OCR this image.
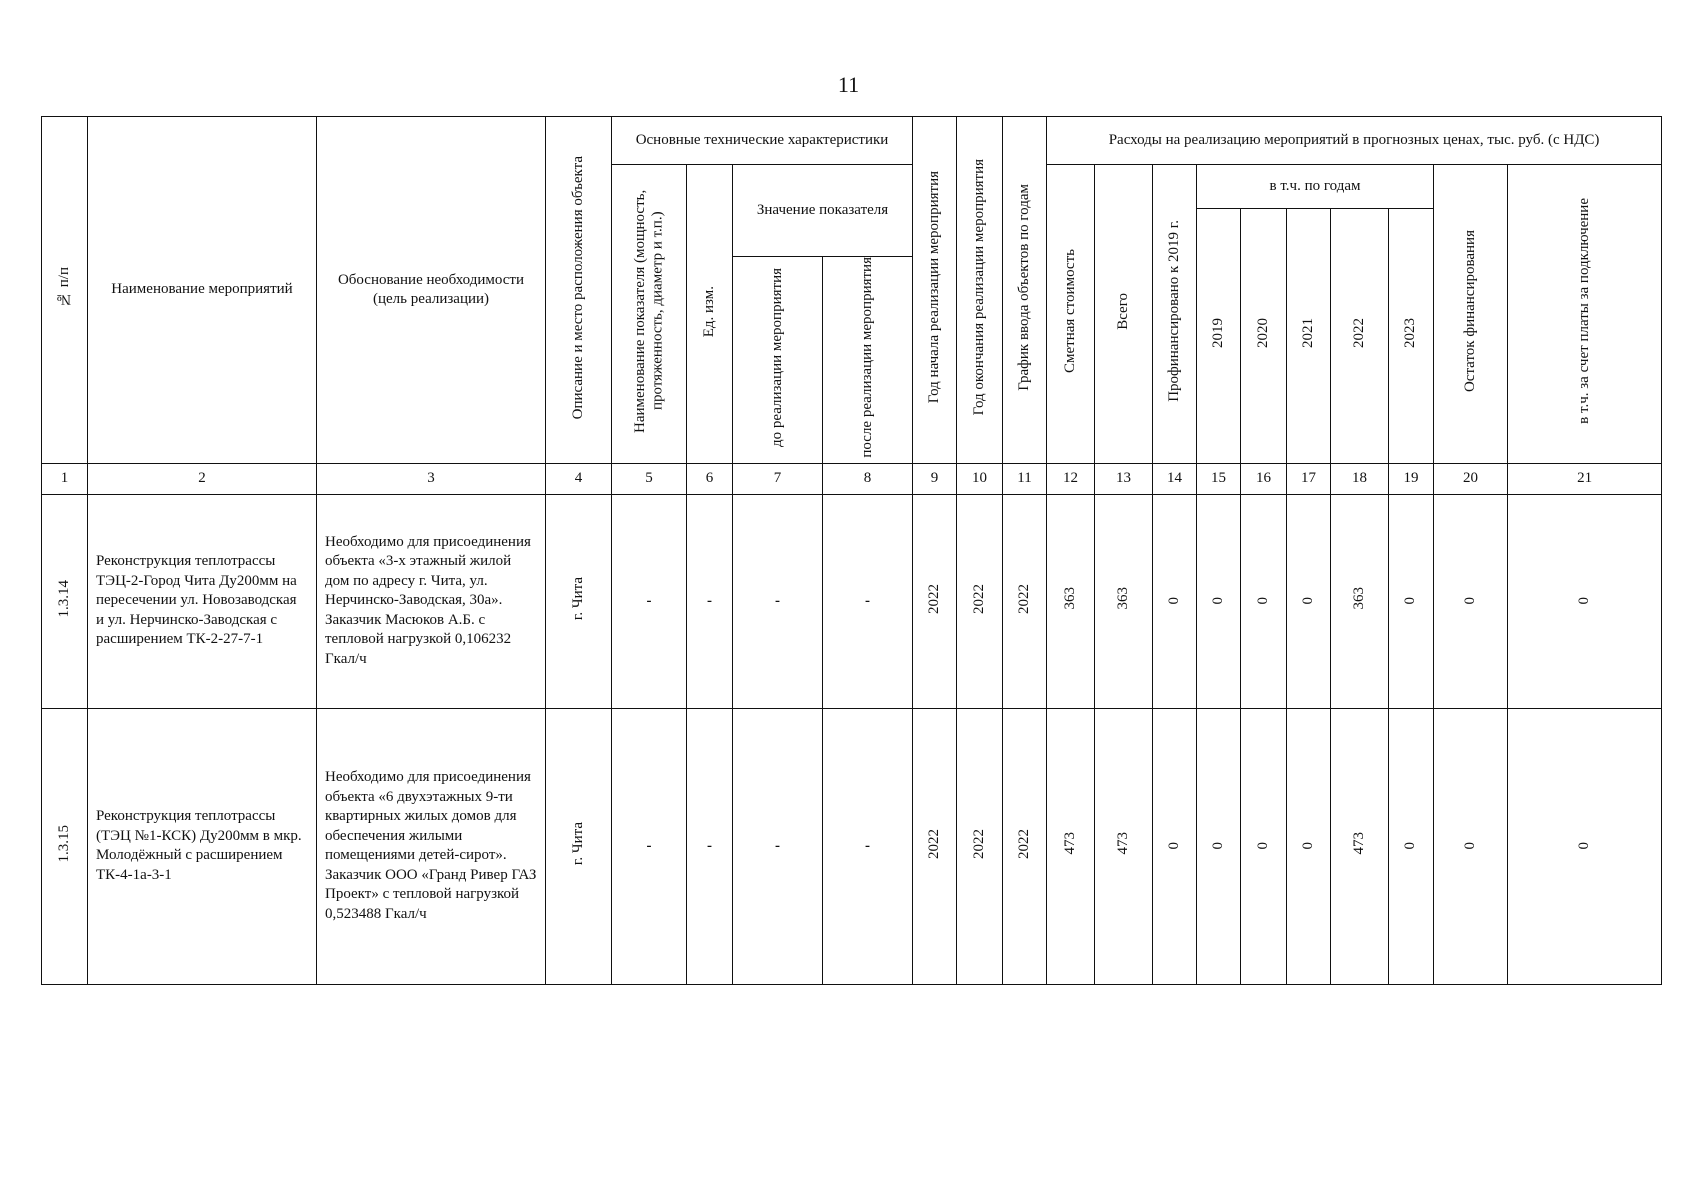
11
№ п/п	Наименование мероприятий	Обоснование необходимости (цель реализации)	Описание и место расположения объекта	Основные технические характеристики				Год начала реализации мероприятия	Год окончания реализации мероприятия	График ввода объектов по годам	Расходы на реализацию мероприятий в прогнозных ценах, тыс. руб. (с НДС)									
				Наименование показателя (мощность, протяженность, диаметр и т.п.)	Ед. изм.	Значение показателя					Сметная стоимость	Всего	Профинансировано к 2019 г.	в т.ч. по годам					Остаток финансирования	в т.ч. за счет платы за подключение
														2019	2020	2021	2022	2023		
						до реализации мероприятия	после реализации мероприятия													
1	2	3	4	5	6	7	8	9	10	11	12	13	14	15	16	17	18	19	20	21
1.3.14	Реконструкция теплотрассы ТЭЦ-2-Город Чита Ду200мм на пересечении ул. Новозаводская и ул. Нерчинско-Заводская с расширением ТК-2-27-7-1	Необходимо для присоединения объекта «3-х этажный жилой дом по адресу г. Чита, ул. Нерчинско-Заводская, 30а». Заказчик Масюков А.Б. с тепловой нагрузкой 0,106232 Гкал/ч	г. Чита	-	-	-	-	2022	2022	2022	363	363	0	0	0	0	363	0	0	0
1.3.15	Реконструкция теплотрассы (ТЭЦ №1-КСК) Ду200мм в мкр. Молодёжный с расширением ТК-4-1а-3-1	Необходимо для присоединения объекта «6 двухэтажных 9-ти квартирных жилых домов для обеспечения жилыми помещениями детей-сирот». Заказчик ООО «Гранд Ривер ГАЗ Проект» с тепловой нагрузкой 0,523488 Гкал/ч	г. Чита	-	-	-	-	2022	2022	2022	473	473	0	0	0	0	473	0	0	0
